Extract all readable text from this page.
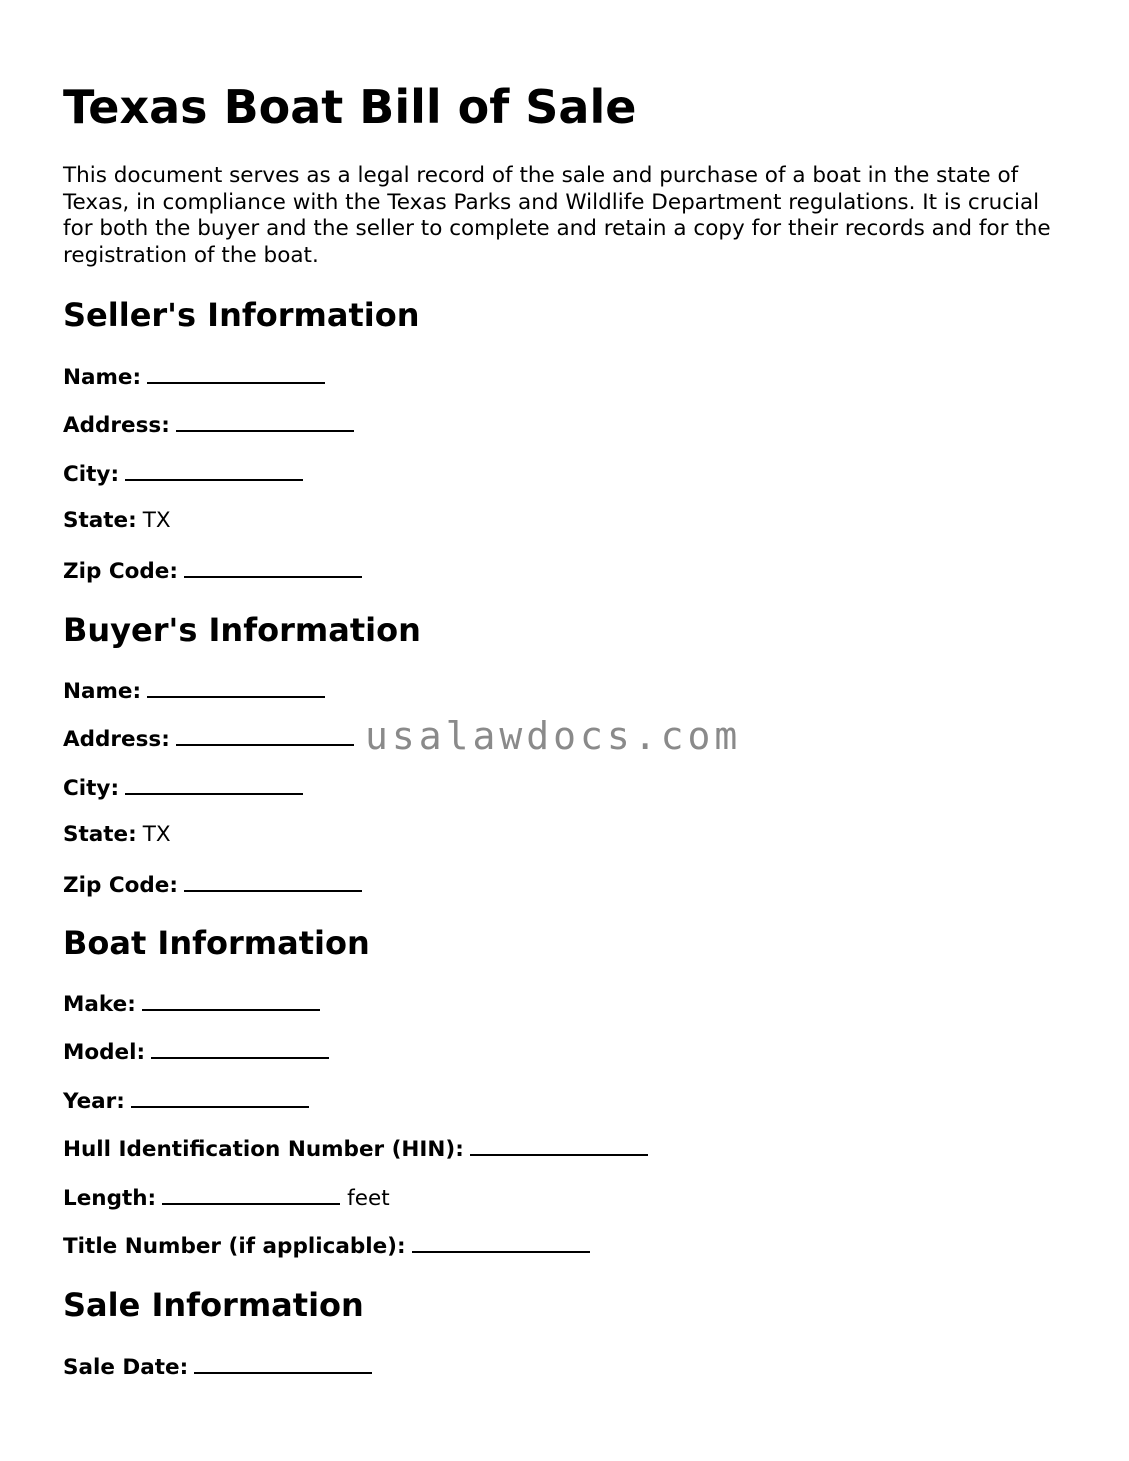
Texas Boat Bill of Sale

This document serves as a legal record of the sale and purchase of a boat in the state of Texas, in compliance with the Texas Parks and Wildlife Department regulations. It is crucial for both the buyer and the seller to complete and retain a copy for their records and for the registration of the boat.

Seller's Information
Name:
Address:
City:
State: TX
Zip Code:
Buyer's Information
Name:
Address:
City:
State: TX
Zip Code:
Boat Information
Make:
Model:
Year:
Hull Identification Number (HIN):
Length:	feet
Title Number (if applicable):
Sale Information
Sale Date:
usalawdocs.com
